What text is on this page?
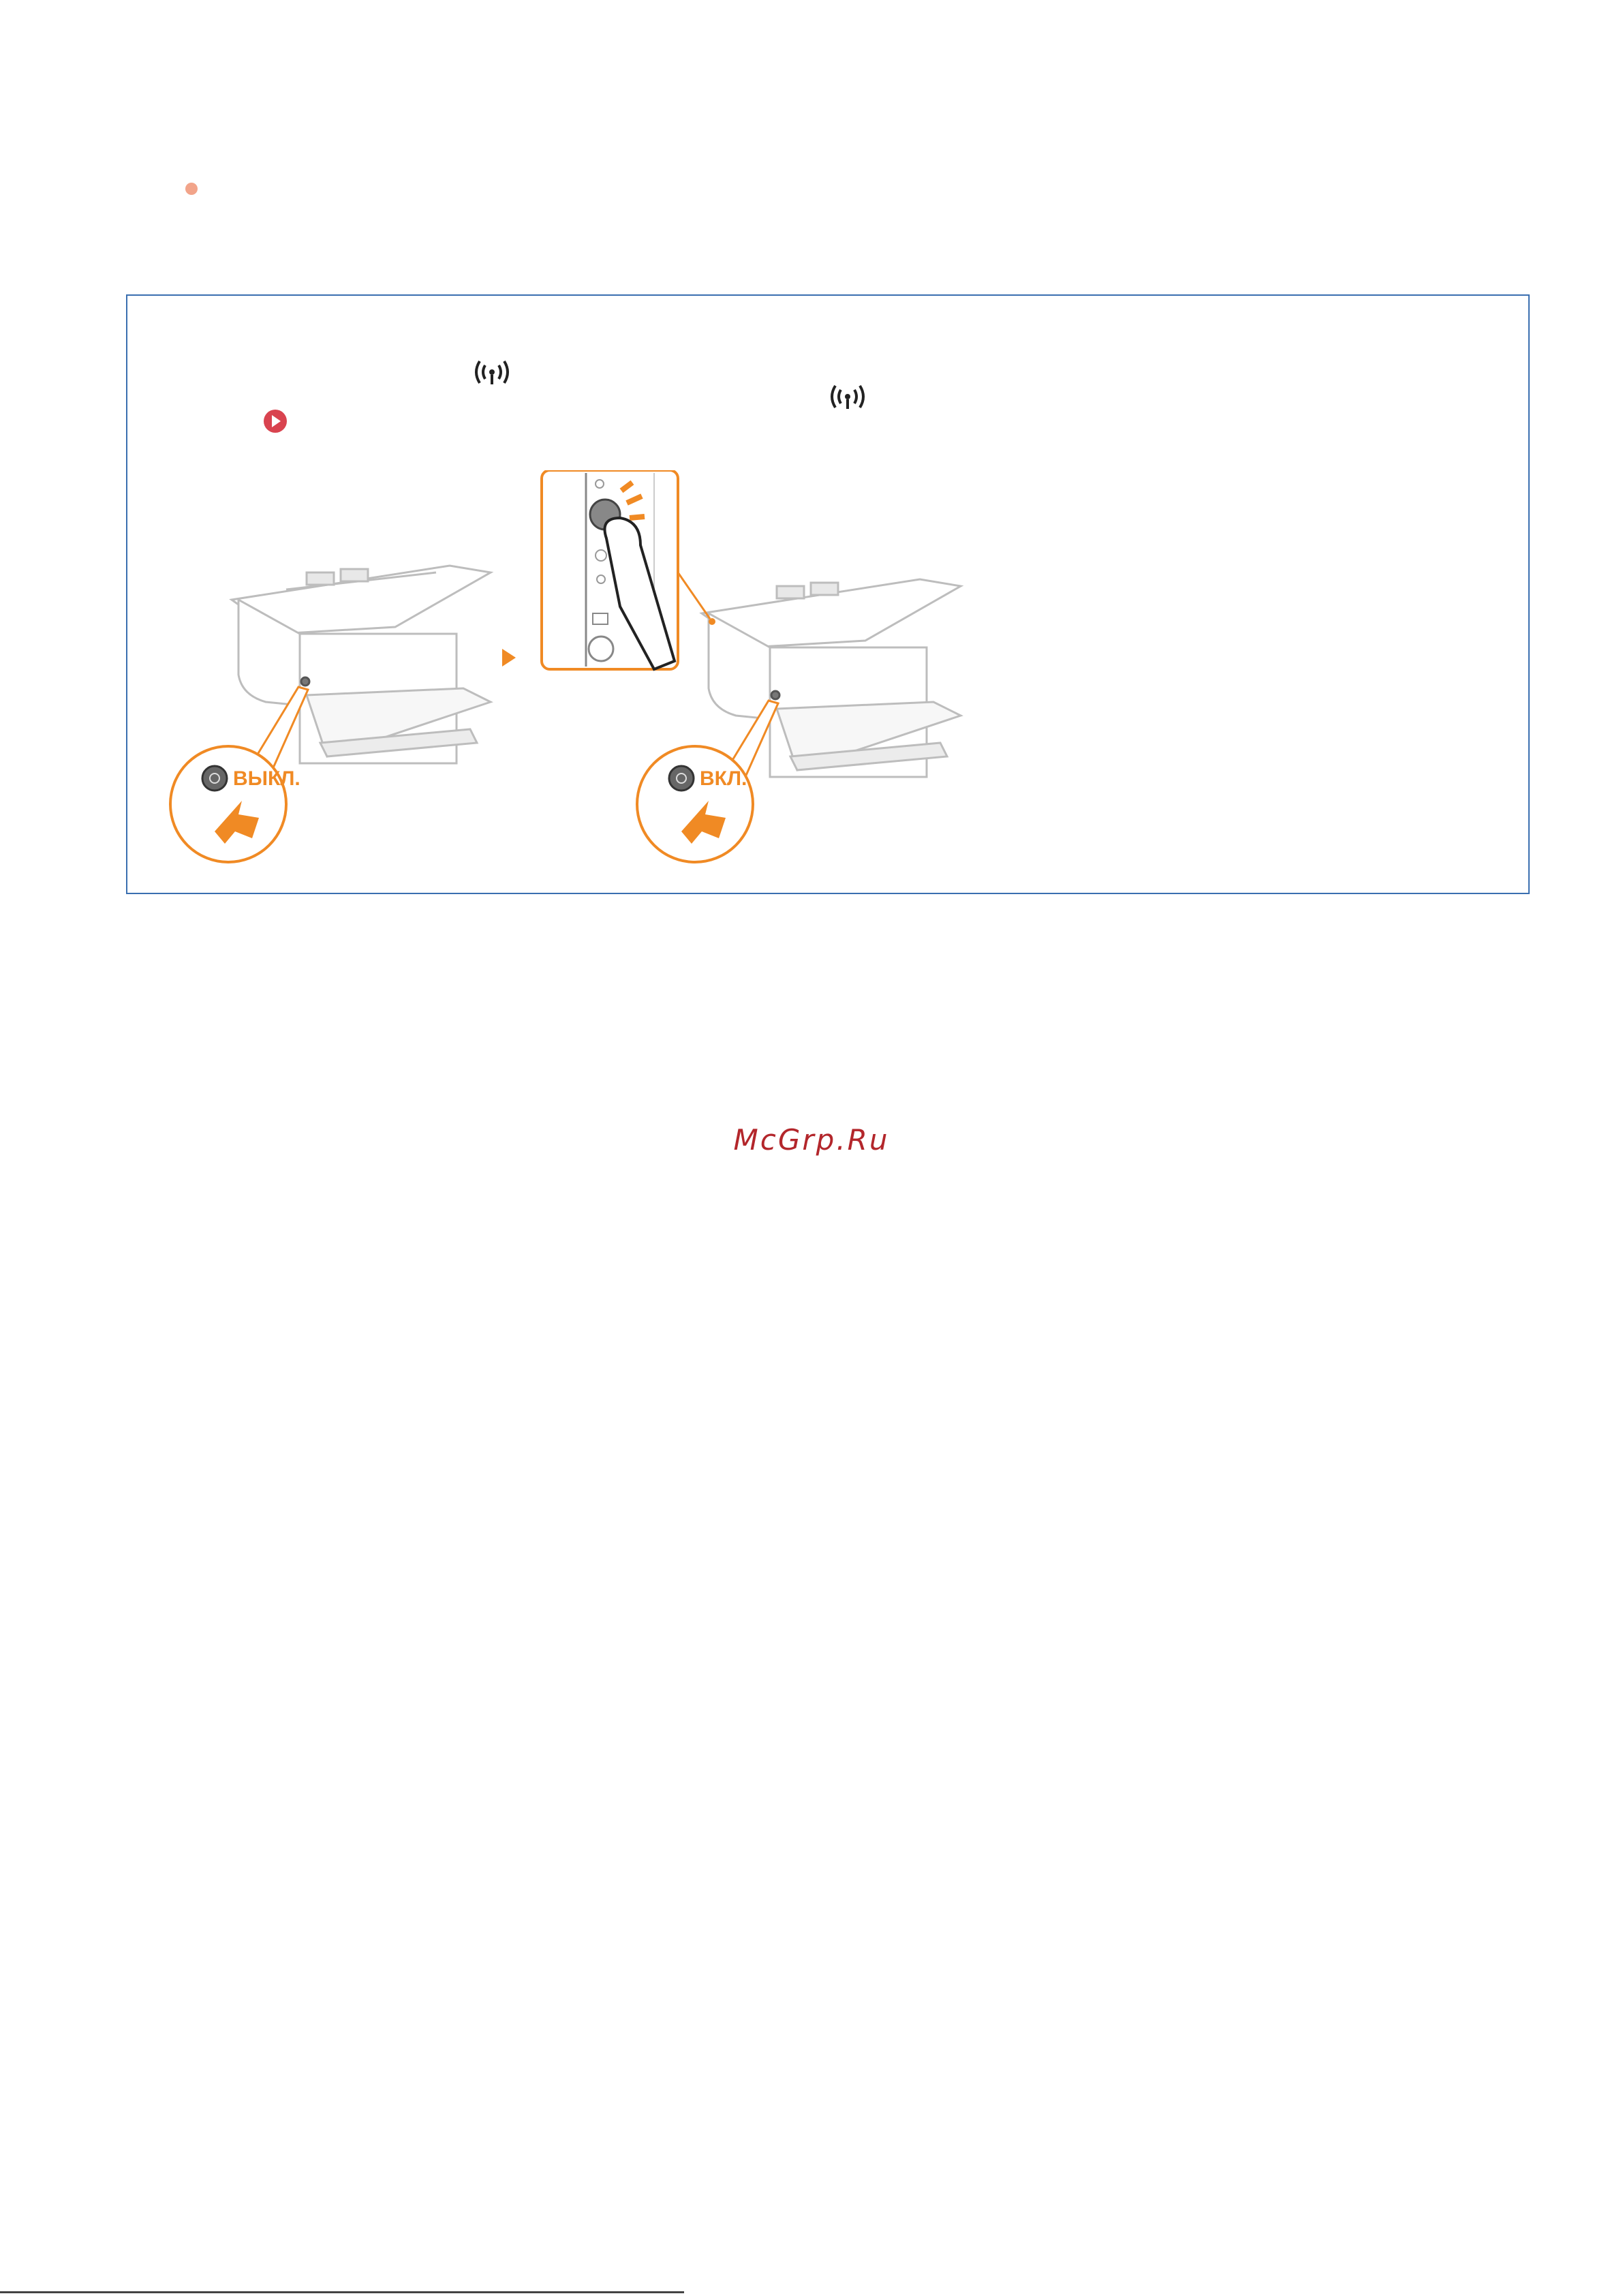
ВЫКЛ.	ВКЛ.
McGrp.Ru
